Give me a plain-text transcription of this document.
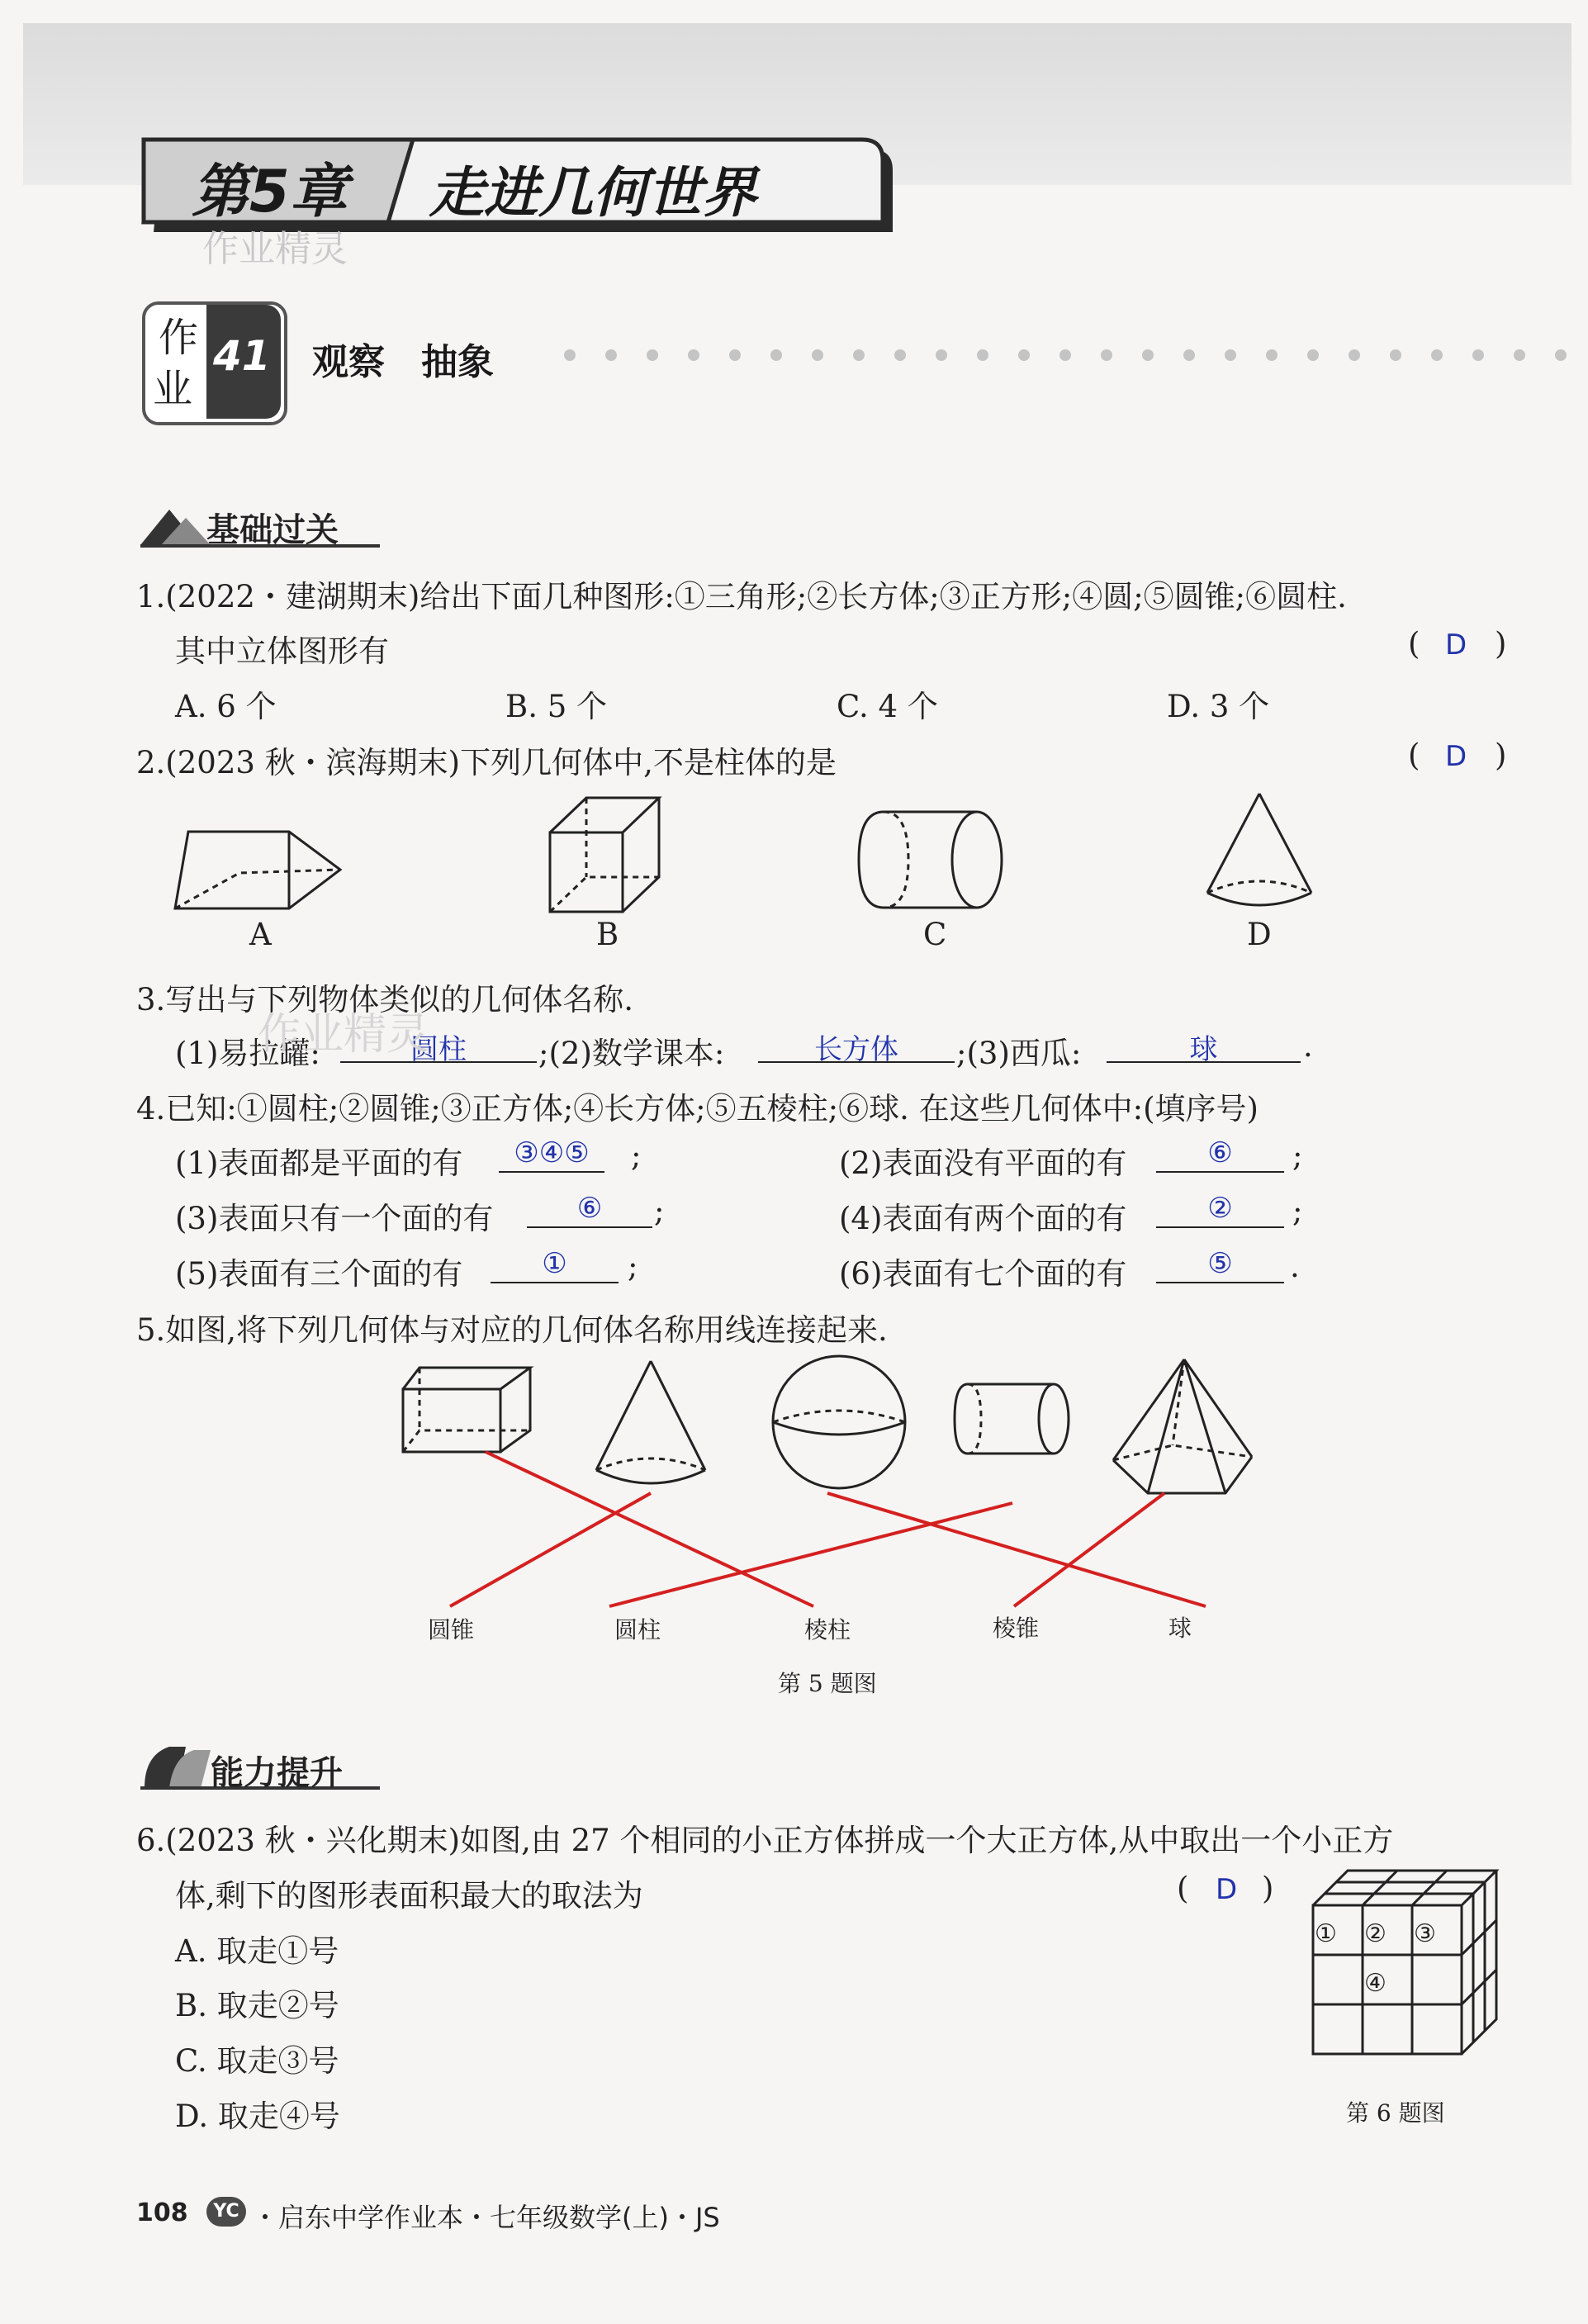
第5章 走进几何世界
作业精灵
作
业
41 观察　抽象
基础过关
1.(2022・建湖期末)给出下面几种图形:①三角形;②长方体;③正方形;④圆;⑤圆锥;⑥圆柱.
其中立体图形有	( D )
A. 6 个	B. 5 个	C. 4 个	D. 3 个
2.(2023 秋・滨海期末)下列几何体中,不是柱体的是	( D )
A	B	C	D
3.写出与下列物体类似的几何体名称.
(1)易拉罐:	圆柱
作业精灵	;(2)数学课本:	长方体	;(3)西瓜:	球	.
4.已知:①圆柱;②圆锥;③正方体;④长方体;⑤五棱柱;⑥球. 在这些几何体中:(填序号)
(1)表面都是平面的有	③④⑤	;	(2)表面没有平面的有	⑥	;
(3)表面只有一个面的有	⑥	;	(4)表面有两个面的有	②	;
(5)表面有三个面的有	①	;	(6)表面有七个面的有	⑤	.
5.如图,将下列几何体与对应的几何体名称用线连接起来.
圆锥	圆柱	棱柱	棱锥	球
第 5 题图
能力提升
6.(2023 秋・兴化期末)如图,由 27 个相同的小正方体拼成一个大正方体,从中取出一个小正方
体,剩下的图形表面积最大的取法为	( D )
A. 取走①号
B. 取走②号
C. 取走③号
D. 取走④号
① ② ③
④
第 6 题图
108	YC ・启东中学作业本・七年级数学(上)・JS
